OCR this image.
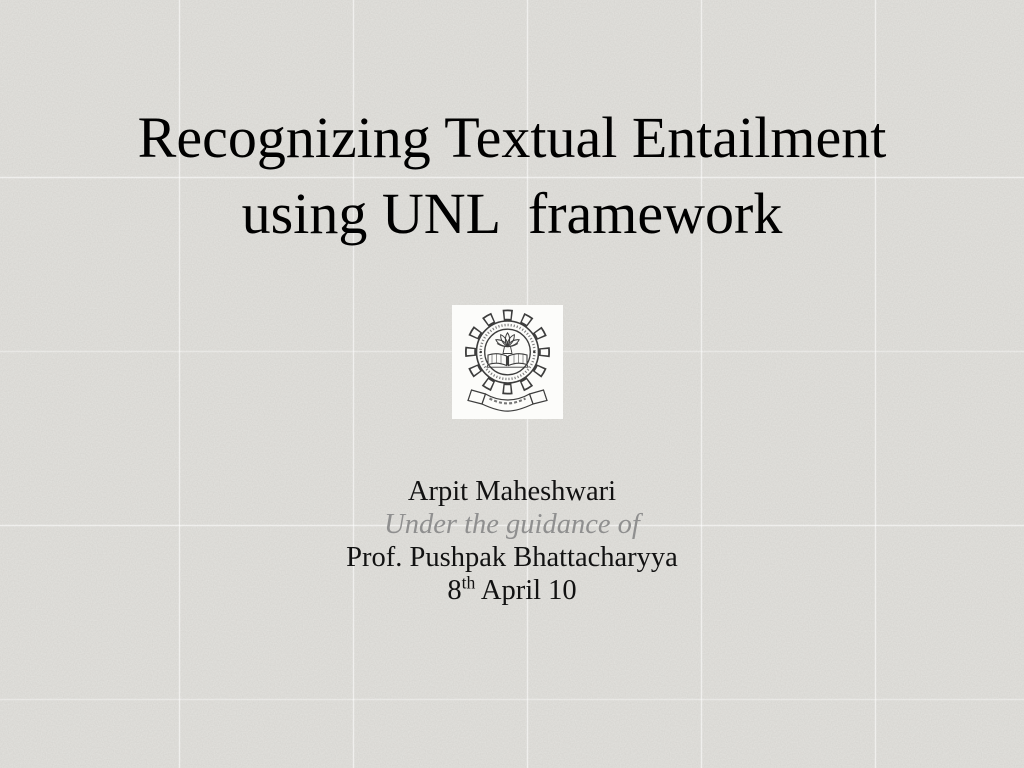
Recognizing Textual Entailment
using UNL  framework
Arpit Maheshwari
Under the guidance of
Prof. Pushpak Bhattacharyya
8th April 10
